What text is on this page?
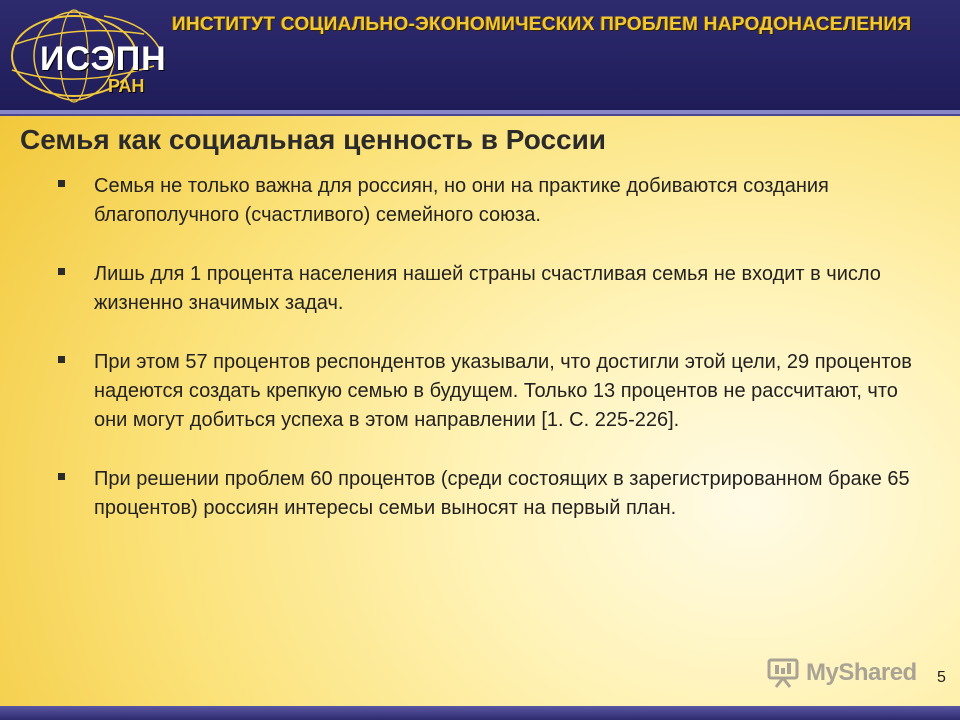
ИСЭПН
РАН
ИНСТИТУТ СОЦИАЛЬНО-ЭКОНОМИЧЕСКИХ ПРОБЛЕМ НАРОДОНАСЕЛЕНИЯ
Семья как социальная ценность в России
Семья не только важна для россиян, но они на практике добиваются создания благополучного (счастливого) семейного союза.
Лишь для 1 процента населения нашей страны счастливая семья не входит в число жизненно значимых задач.
При этом 57 процентов респондентов указывали, что достигли этой цели, 29 процентов надеются создать крепкую семью в будущем. Только 13 процентов не рассчитают, что они могут добиться успеха в этом направлении [1. С. 225-226].
При решении проблем 60 процентов (среди состоящих в зарегистрированном браке 65 процентов) россиян интересы семьи выносят на первый план.
MyShared 5
